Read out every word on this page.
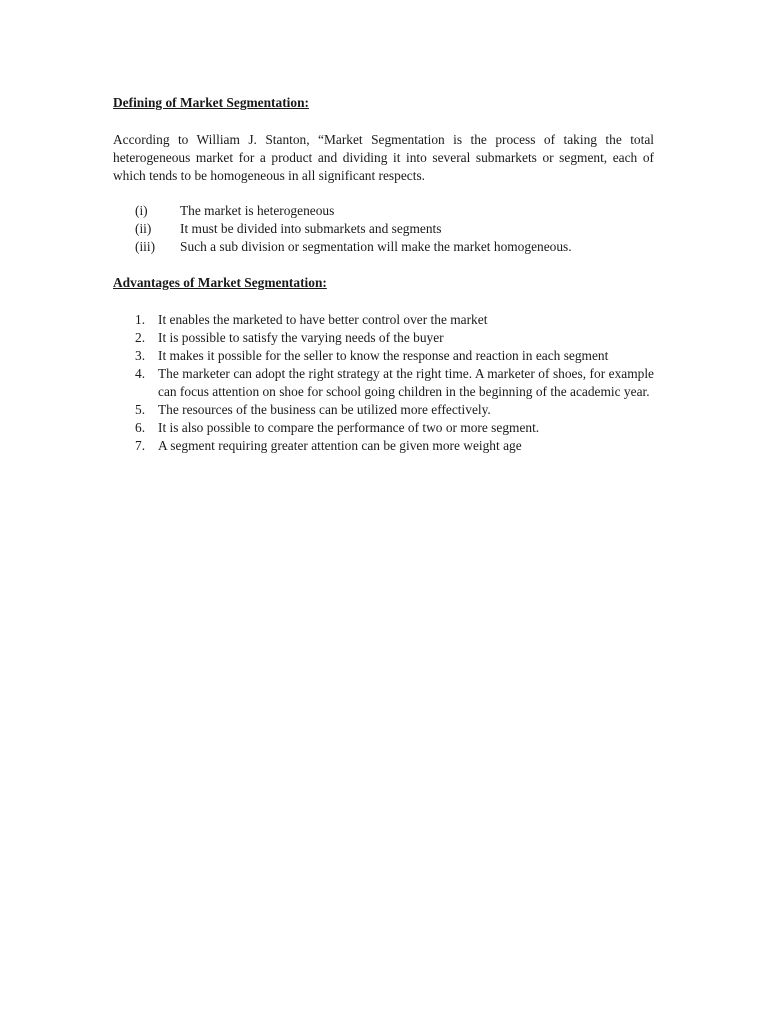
Defining of Market Segmentation:

According to William J. Stanton, “Market Segmentation is the process of taking the total heterogeneous market for a product and dividing it into several submarkets or segment, each of which tends to be homogeneous in all significant respects.

(i) The market is heterogeneous
(ii) It must be divided into submarkets and segments
(iii) Such a sub division or segmentation will make the market homogeneous.

Advantages of Market Segmentation:

1. It enables the marketed to have better control over the market
2. It is possible to satisfy the varying needs of the buyer
3. It makes it possible for the seller to know the response and reaction in each segment
4. The marketer can adopt the right strategy at the right time. A marketer of shoes, for example can focus attention on shoe for school going children in the beginning of the academic year.
5. The resources of the business can be utilized more effectively.
6. It is also possible to compare the performance of two or more segment.
7. A segment requiring greater attention can be given more weight age
